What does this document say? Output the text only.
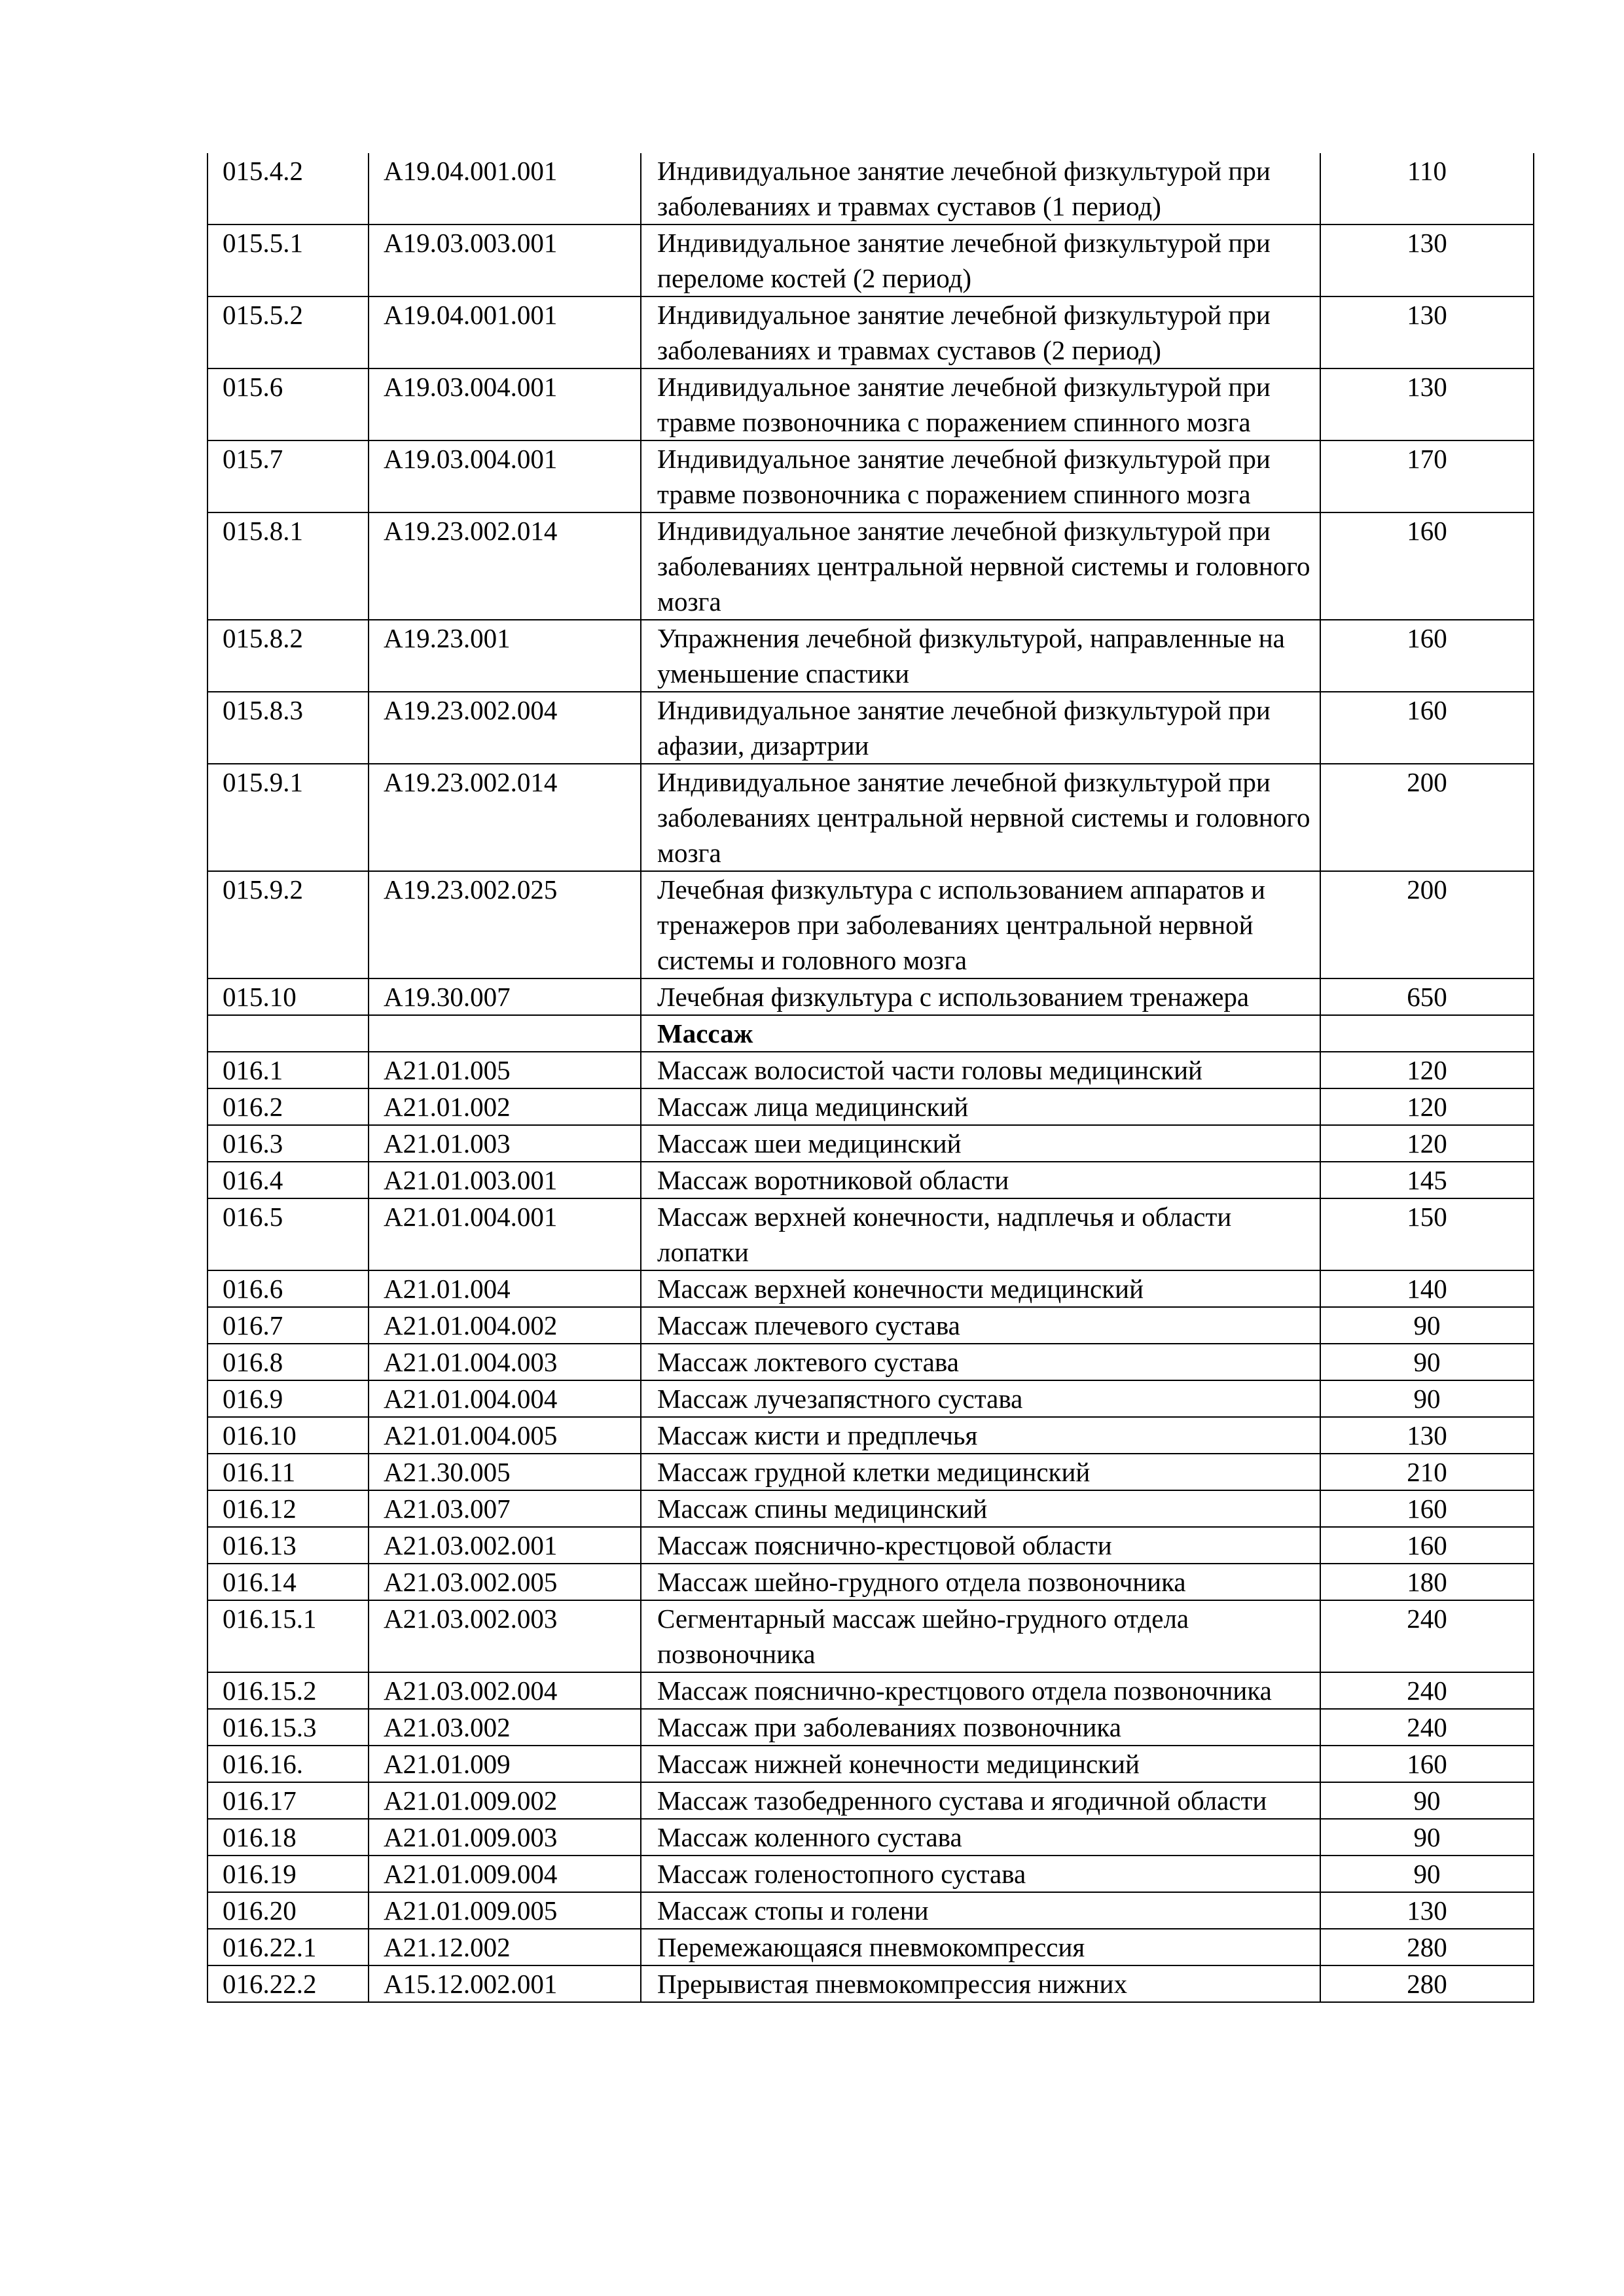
015.4.2	A19.04.001.001	Индивидуальное занятие лечебной физкультурой при заболеваниях и травмах суставов (1 период)	110
015.5.1	A19.03.003.001	Индивидуальное занятие лечебной физкультурой при переломе костей (2 период)	130
015.5.2	A19.04.001.001	Индивидуальное занятие лечебной физкультурой при заболеваниях и травмах суставов (2 период)	130
015.6	A19.03.004.001	Индивидуальное занятие лечебной физкультурой при травме позвоночника с поражением спинного мозга	130
015.7	A19.03.004.001	Индивидуальное занятие лечебной физкультурой при травме позвоночника с поражением спинного мозга	170
015.8.1	A19.23.002.014	Индивидуальное занятие лечебной физкультурой при заболеваниях центральной нервной системы и головного мозга	160
015.8.2	A19.23.001	Упражнения лечебной физкультурой, направленные на уменьшение спастики	160
015.8.3	A19.23.002.004	Индивидуальное занятие лечебной физкультурой при афазии, дизартрии	160
015.9.1	A19.23.002.014	Индивидуальное занятие лечебной физкультурой при заболеваниях центральной нервной системы и головного мозга	200
015.9.2	A19.23.002.025	Лечебная физкультура с использованием аппаратов и тренажеров при заболеваниях центральной нервной системы и головного мозга	200
015.10	A19.30.007	Лечебная физкультура с использованием тренажера	650
		Массаж	
016.1	A21.01.005	Массаж волосистой части головы медицинский	120
016.2	A21.01.002	Массаж лица медицинский	120
016.3	A21.01.003	Массаж шеи медицинский	120
016.4	A21.01.003.001	Массаж воротниковой области	145
016.5	A21.01.004.001	Массаж верхней конечности, надплечья и области лопатки	150
016.6	A21.01.004	Массаж верхней конечности медицинский	140
016.7	A21.01.004.002	Массаж плечевого сустава	90
016.8	A21.01.004.003	Массаж локтевого сустава	90
016.9	A21.01.004.004	Массаж лучезапястного сустава	90
016.10	A21.01.004.005	Массаж кисти и предплечья	130
016.11	A21.30.005	Массаж грудной клетки медицинский	210
016.12	A21.03.007	Массаж спины медицинский	160
016.13	A21.03.002.001	Массаж пояснично-крестцовой области	160
016.14	A21.03.002.005	Массаж шейно-грудного отдела позвоночника	180
016.15.1	A21.03.002.003	Сегментарный массаж шейно-грудного отдела позвоночника	240
016.15.2	A21.03.002.004	Массаж пояснично-крестцового отдела позвоночника	240
016.15.3	A21.03.002	Массаж при заболеваниях позвоночника	240
016.16.	A21.01.009	Массаж нижней конечности медицинский	160
016.17	A21.01.009.002	Массаж тазобедренного сустава и ягодичной области	90
016.18	A21.01.009.003	Массаж коленного сустава	90
016.19	A21.01.009.004	Массаж голеностопного сустава	90
016.20	A21.01.009.005	Массаж стопы и голени	130
016.22.1	A21.12.002	Перемежающаяся пневмокомпрессия	280
016.22.2	A15.12.002.001	Прерывистая пневмокомпрессия нижних	280
